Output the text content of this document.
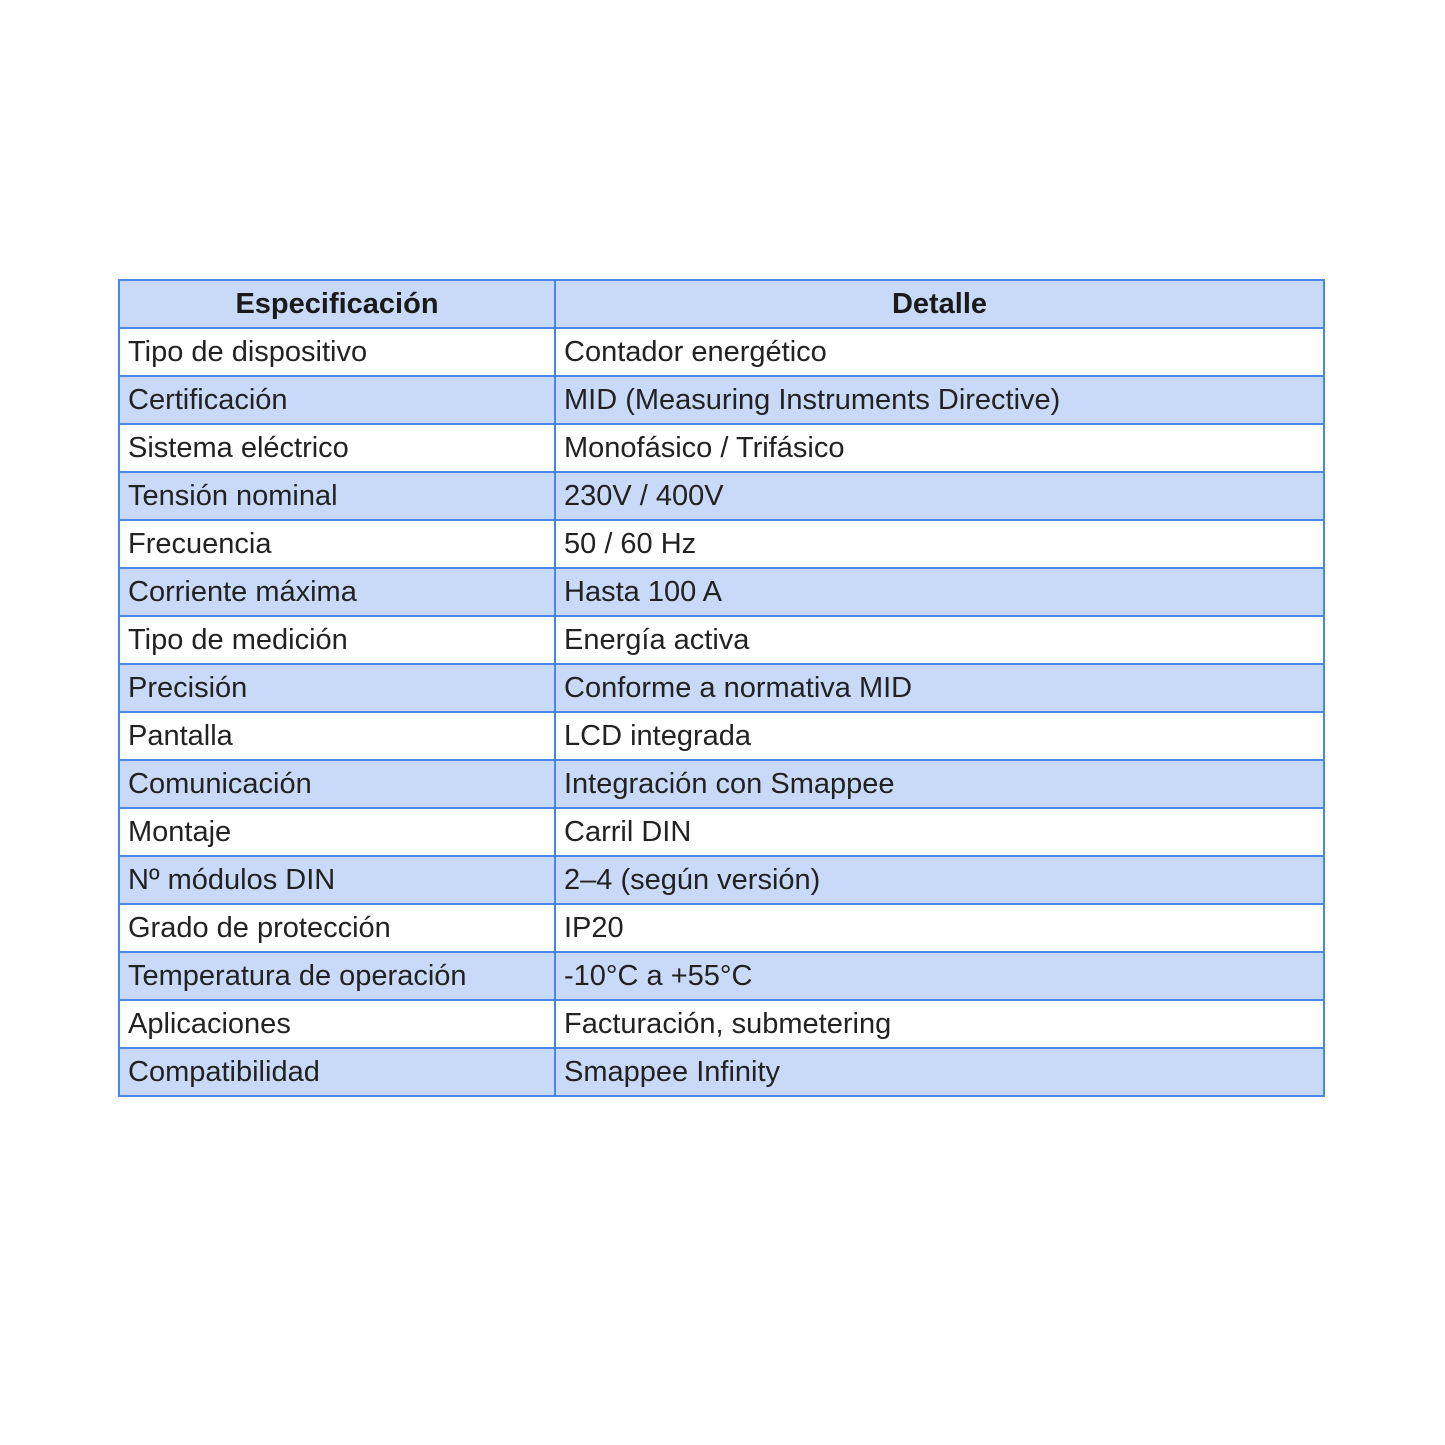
Especificación	Detalle
Tipo de dispositivo	Contador energético
Certificación	MID (Measuring Instruments Directive)
Sistema eléctrico	Monofásico / Trifásico
Tensión nominal	230V / 400V
Frecuencia	50 / 60 Hz
Corriente máxima	Hasta 100 A
Tipo de medición	Energía activa
Precisión	Conforme a normativa MID
Pantalla	LCD integrada
Comunicación	Integración con Smappee
Montaje	Carril DIN
Nº módulos DIN	2–4 (según versión)
Grado de protección	IP20
Temperatura de operación	-10°C a +55°C
Aplicaciones	Facturación, submetering
Compatibilidad	Smappee Infinity
